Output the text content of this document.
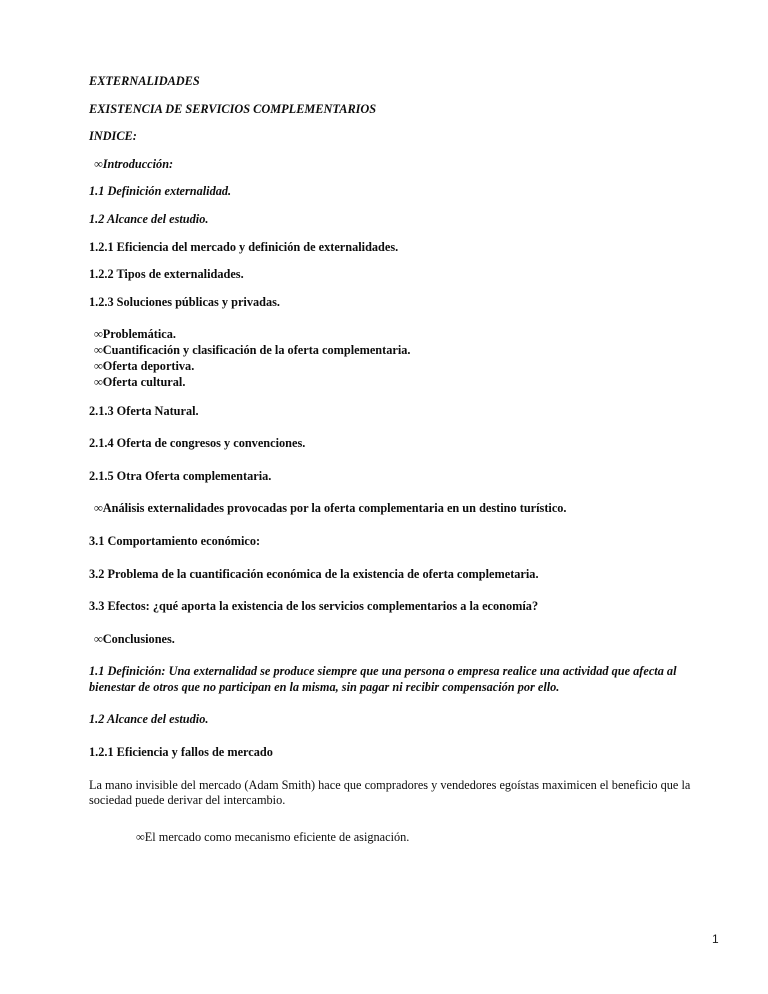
EXTERNALIDADES

EXISTENCIA DE SERVICIOS COMPLEMENTARIOS

INDICE:

∞Introducción:

1.1 Definición externalidad.

1.2 Alcance del estudio.

1.2.1 Eficiencia del mercado y definición de externalidades.

1.2.2 Tipos de externalidades.

1.2.3 Soluciones públicas y privadas.

∞Problemática.

∞Cuantificación y clasificación de la oferta complementaria.

∞Oferta deportiva.

∞Oferta cultural.

2.1.3 Oferta Natural.

2.1.4 Oferta de congresos y convenciones.

2.1.5 Otra Oferta complementaria.

∞Análisis externalidades provocadas por la oferta complementaria en un destino turístico.

3.1 Comportamiento económico:

3.2 Problema de la cuantificación económica de la existencia de oferta complemetaria.

3.3 Efectos: ¿qué aporta la existencia de los servicios complementarios a la economía?

∞Conclusiones.

1.1 Definición: Una externalidad se produce siempre que una persona o empresa realice una actividad que afecta al bienestar de otros que no participan en la misma, sin pagar ni recibir compensación por ello.

1.2 Alcance del estudio.

1.2.1 Eficiencia y fallos de mercado

La mano invisible del mercado (Adam Smith) hace que compradores y vendedores egoístas maximicen el beneficio que la sociedad puede derivar del intercambio.

∞El mercado como mecanismo eficiente de asignación.

1
